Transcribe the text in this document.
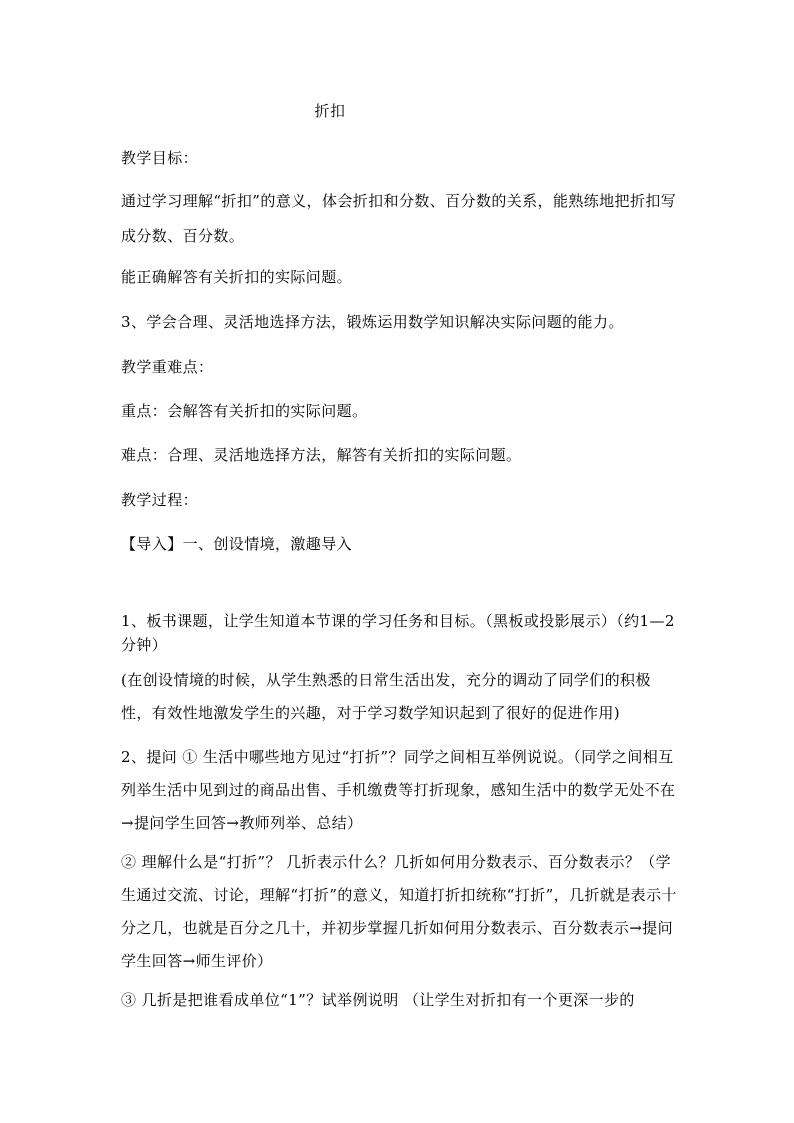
折扣

教学目标：

通过学习理解“折扣”的意义，体会折扣和分数、百分数的关系，能熟练地把折扣写成分数、百分数。

能正确解答有关折扣的实际问题。

3、学会合理、灵活地选择方法，锻炼运用数学知识解决实际问题的能力。

教学重难点：

重点：会解答有关折扣的实际问题。

难点：合理、灵活地选择方法，解答有关折扣的实际问题。

教学过程：

【导入】一、创设情境，激趣导入

1、板书课题，让学生知道本节课的学习任务和目标。（黑板或投影展示）（约1—2 分钟）

(在创设情境的时候，从学生熟悉的日常生活出发，充分的调动了同学们的积极性，有效性地激发学生的兴趣，对于学习数学知识起到了很好的促进作用)

2、提问 ① 生活中哪些地方见过“打折”？同学之间相互举例说说。（同学之间相互列举生活中见到过的商品出售、手机缴费等打折现象，感知生活中的数学无处不在→提问学生回答→教师列举、总结）

② 理解什么是“打折”？ 几折表示什么？几折如何用分数表示、百分数表示？（学生通过交流、讨论，理解“打折”的意义，知道打折扣统称“打折”，几折就是表示十分之几，也就是百分之几十，并初步掌握几折如何用分数表示、百分数表示→提问学生回答→师生评价）

③ 几折是把谁看成单位“1”？试举例说明 （让学生对折扣有一个更深一步的
